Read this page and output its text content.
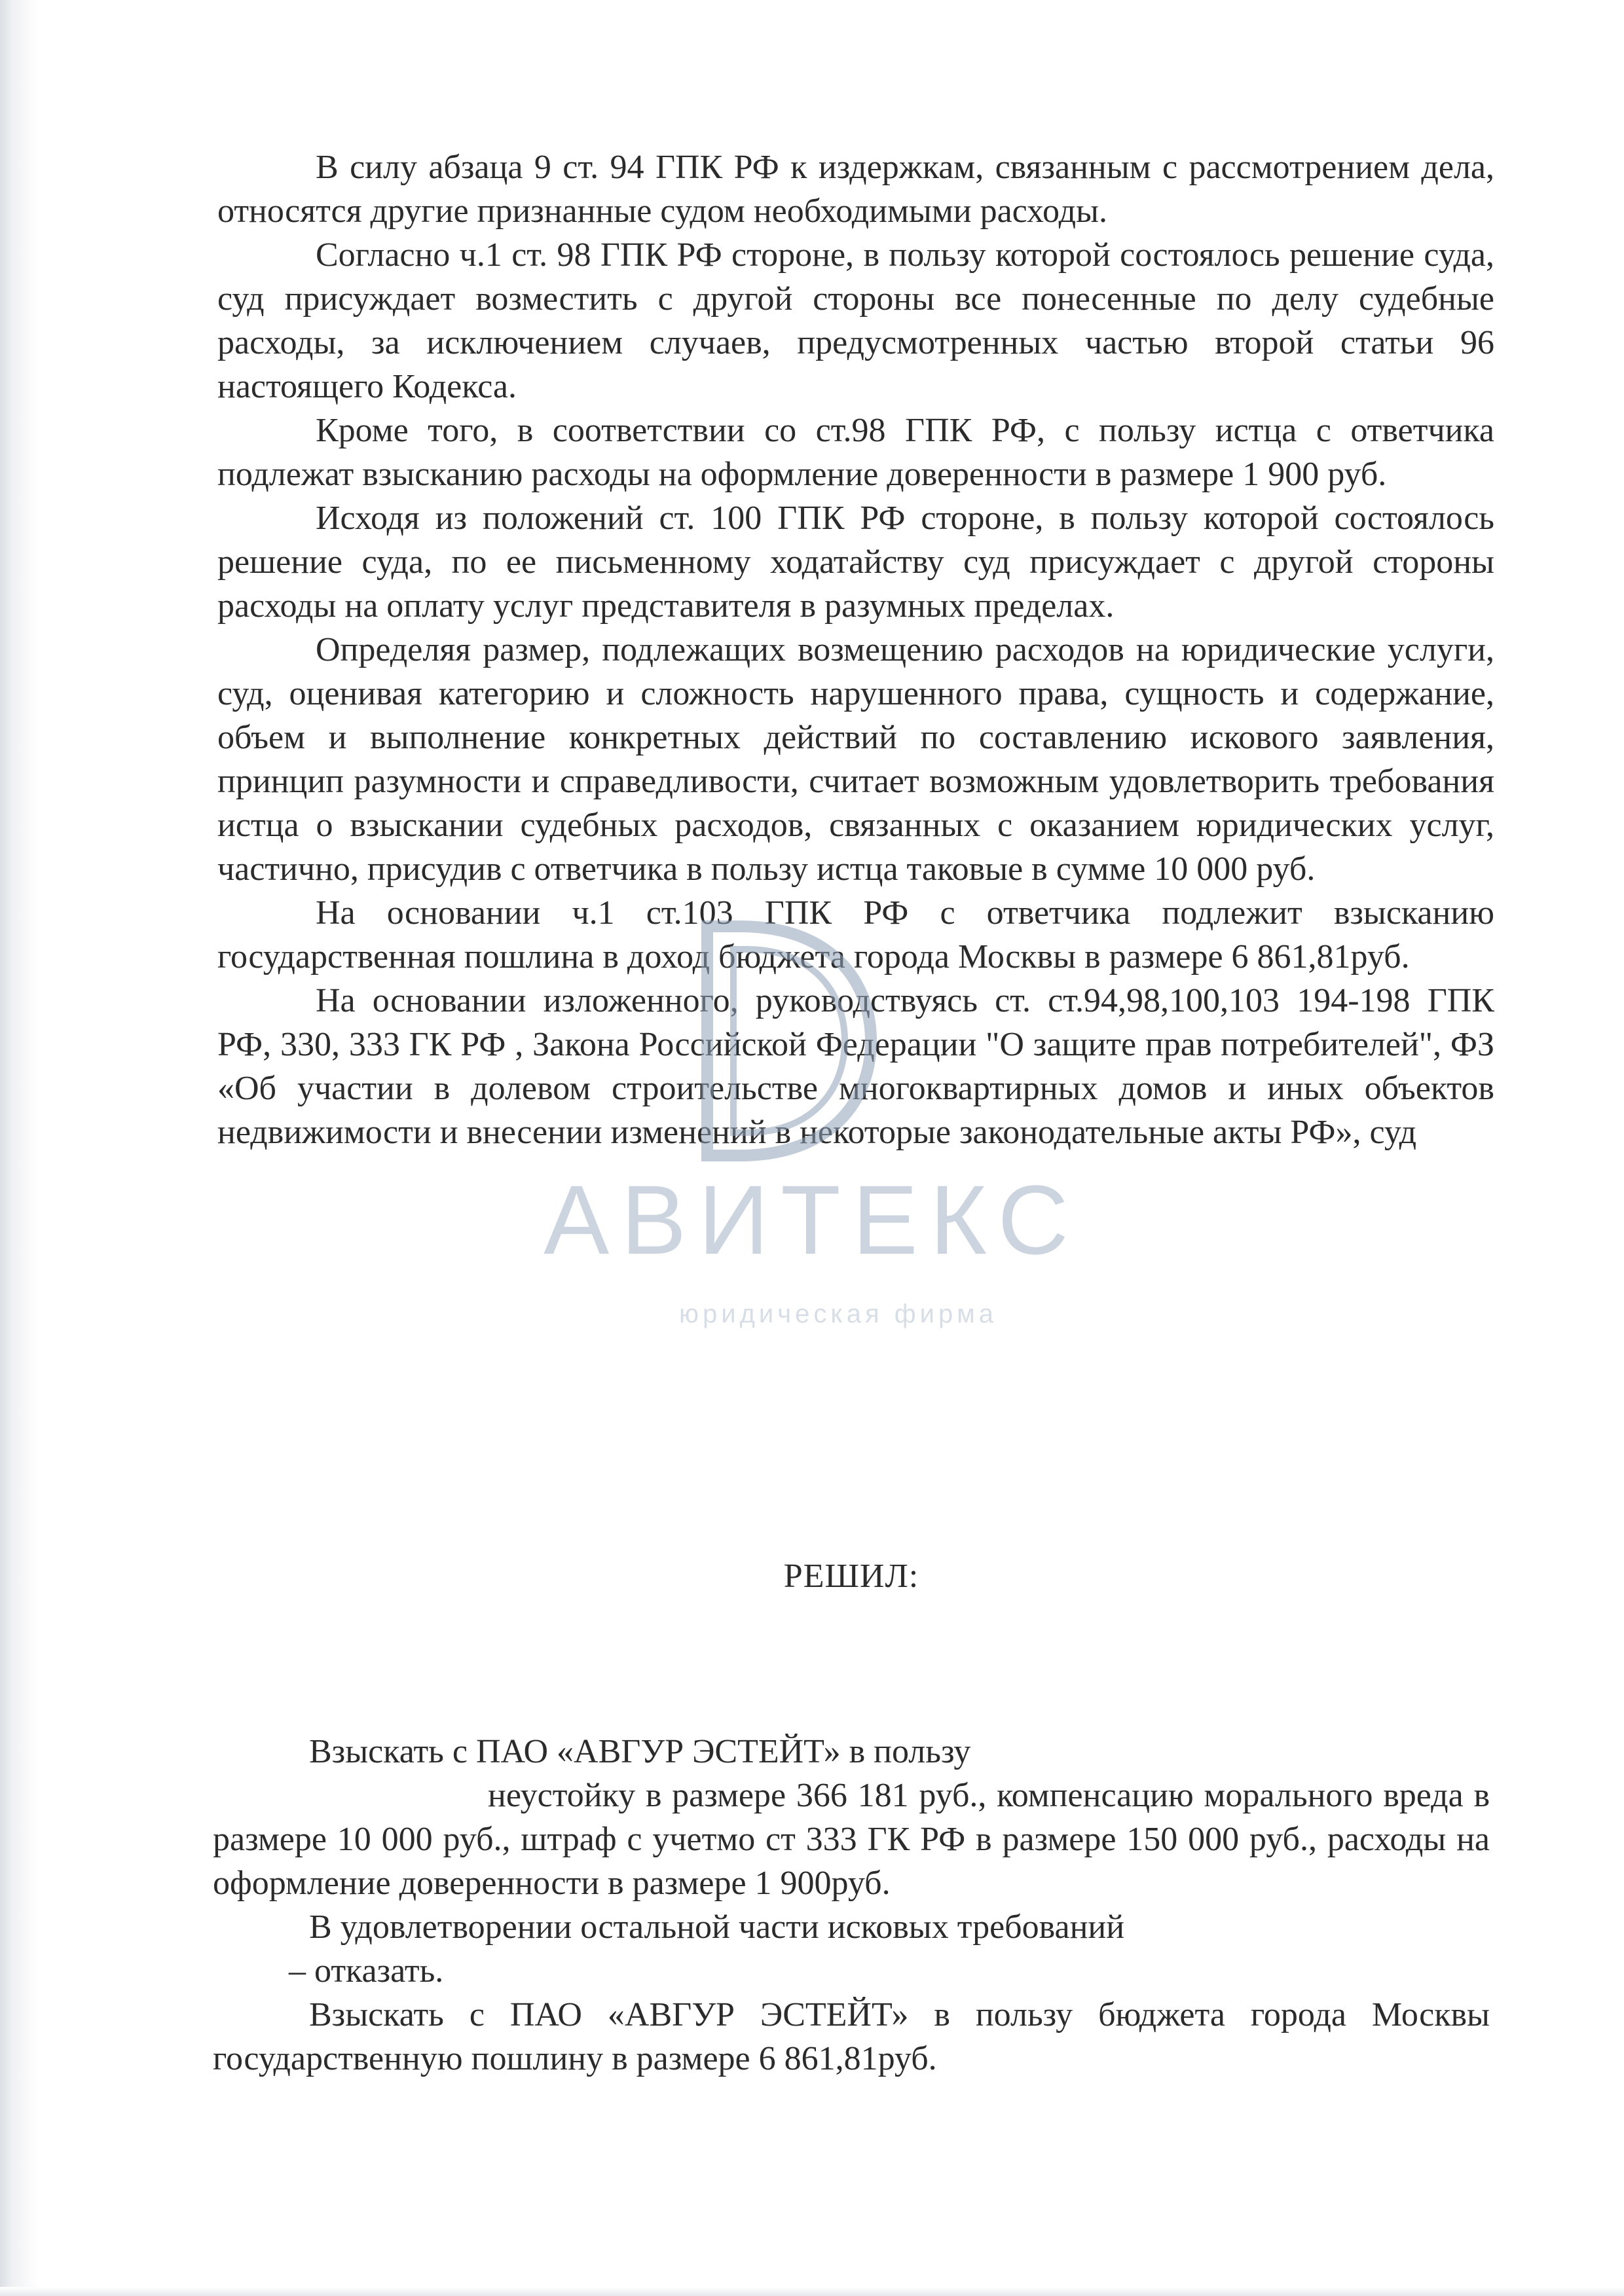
В силу абзаца 9 ст. 94 ГПК РФ к издержкам, связанным с рассмотрением дела, относятся другие признанные судом необходимыми расходы.

Согласно ч.1 ст. 98 ГПК РФ стороне, в пользу которой состоялось решение суда, суд присуждает возместить с другой стороны все понесенные по делу судебные расходы, за исключением случаев, предусмотренных частью второй статьи 96 настоящего Кодекса.

Кроме того, в соответствии со ст.98 ГПК РФ, с пользу истца с ответчика подлежат взысканию расходы на оформление доверенности в размере 1 900 руб.

Исходя из положений ст. 100 ГПК РФ стороне, в пользу которой состоялось решение суда, по ее письменному ходатайству суд присуждает с другой стороны расходы на оплату услуг представителя в разумных пределах.

Определяя размер, подлежащих возмещению расходов на юридические услуги, суд, оценивая категорию и сложность нарушенного права, сущность и содержание, объем и выполнение конкретных действий по составлению искового заявления, принцип разумности и справедливости, считает возможным удовлетворить требования истца о взыскании судебных расходов, связанных с оказанием юридических услуг, частично, присудив с ответчика в пользу истца таковые в сумме 10 000 руб.

На основании ч.1 ст.103 ГПК РФ с ответчика подлежит взысканию государственная пошлина в доход бюджета города Москвы в размере 6 861,81руб.

На основании изложенного, руководствуясь ст. ст.94,98,100,103 194-198 ГПК РФ, 330, 333 ГК РФ , Закона Российской Федерации "О защите прав потребителей", ФЗ «Об участии в долевом строительстве многоквартирных домов и иных объектов недвижимости и внесении изменений в некоторые законодательные акты РФ», суд

РЕШИЛ:

Взыскать с ПАО «АВГУР ЭСТЕЙТ» в пользу

неустойку в размере 366 181 руб., компенсацию морального вреда в размере 10 000 руб., штраф с учетмо ст 333 ГК РФ в размере 150 000 руб., расходы на оформление доверенности в размере 1 900руб.

В удовлетворении остальной части исковых требований

– отказать.

Взыскать с ПАО «АВГУР ЭСТЕЙТ» в пользу бюджета города Москвы государственную пошлину в размере 6 861,81руб.

АВИТЕКС
юридическая фирма
